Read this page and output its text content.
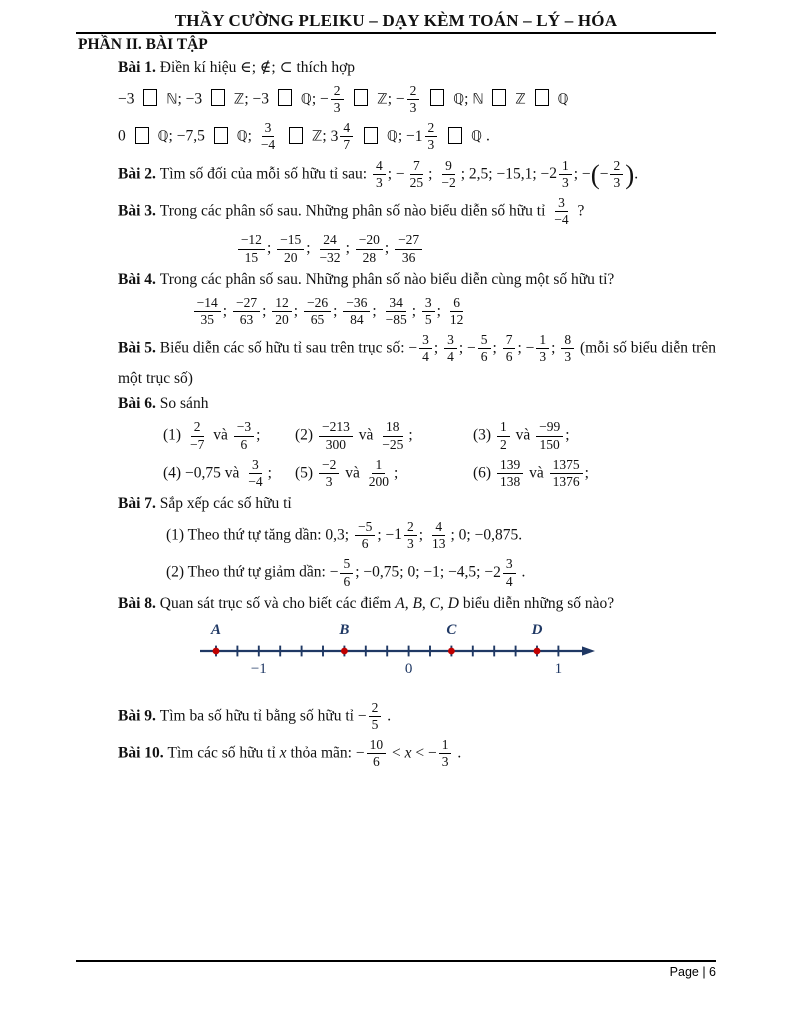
THẦY CƯỜNG PLEIKU – DẠY KÈM TOÁN – LÝ – HÓA
PHẦN II. BÀI TẬP
Bài 1. Điền kí hiệu ∈; ∉; ⊂ thích hợp
−3  ℕ; −3  ℤ; −3  ℚ; − $\frac{2}{3}$ ℤ; − $\frac{2}{3}$ ℚ; ℕ ℤ ℚ
0  ℚ; −7,5  ℚ; $\frac{3}{-4}$ ℤ; $3 \frac{4}{7}$ ℚ; − $1 \frac{2}{3}$ ℚ .
Bài 2. Tìm số đối của mỗi số hữu tỉ sau: $\frac{4}{3}$ ; − $\frac{7}{25}$ ; $\frac{9}{-2}$ ; 2,5; −15,1; − $2 \frac{1}{3}$ ; −(− $\frac{2}{3}$ ).
Bài 3. Trong các phân số sau. Những phân số nào biểu diễn số hữu tỉ $\frac{3}{-4}$ ?
$\frac{-12}{15}$ ; $\frac{-15}{20}$ ; $\frac{24}{-32}$ ; $\frac{-20}{28}$ ; $\frac{-27}{36}$
Bài 4. Trong các phân số sau. Những phân số nào biểu diễn cùng một số hữu tỉ?
$\frac{-14}{35}$ ; $\frac{-27}{63}$ ; $\frac{12}{20}$ ; $\frac{-26}{65}$ ; $\frac{-36}{84}$ ; $\frac{34}{-85}$ ; $\frac{3}{5}$ ; $\frac{6}{12}$
Bài 5. Biểu diễn các số hữu tỉ sau trên trục số: − $\frac{3}{4}$ ; $\frac{3}{4}$ ; − $\frac{5}{6}$ ; $\frac{7}{6}$ ; − $\frac{1}{3}$ ; $\frac{8}{3}$ (mỗi số biểu diễn trên
một trục số)
Bài 6. So sánh
$(1) \frac{2}{-7}$ và $\frac{-3}{6}$ ;	$(2) \frac{-213}{300}$ và $\frac{18}{-25}$ ;	$(3) \frac{1}{2}$ và $\frac{-99}{150}$ ;
(4) −0,75 và $\frac{3}{-4}$ ;	$(5) \frac{-2}{3}$ và $\frac{1}{200}$ ;	$(6) \frac{139}{138}$ và $\frac{1375}{1376}$ ;
Bài 7. Sắp xếp các số hữu tỉ
(1) Theo thứ tự tăng dần: 0,3; $\frac{-5}{6}$ ; − $1 \frac{2}{3}$ ; $\frac{4}{13}$ ; 0; −0,875.
(2) Theo thứ tự giảm dần: − $\frac{5}{6}$ ; −0,75; 0; −1; −4,5; − $2 \frac{3}{4}$ .
Bài 8. Quan sát trục số và cho biết các điểm A, B, C, D biểu diễn những số nào?
−1	0	1
A	B	C	D
Bài 9. Tìm ba số hữu tỉ bằng số hữu tỉ − $\frac{2}{5}$ .
Bài 10. Tìm các số hữu tỉ x thỏa mãn: − $\frac{10}{6} < x$ < − $\frac{1}{3}$ .
Page | 6
